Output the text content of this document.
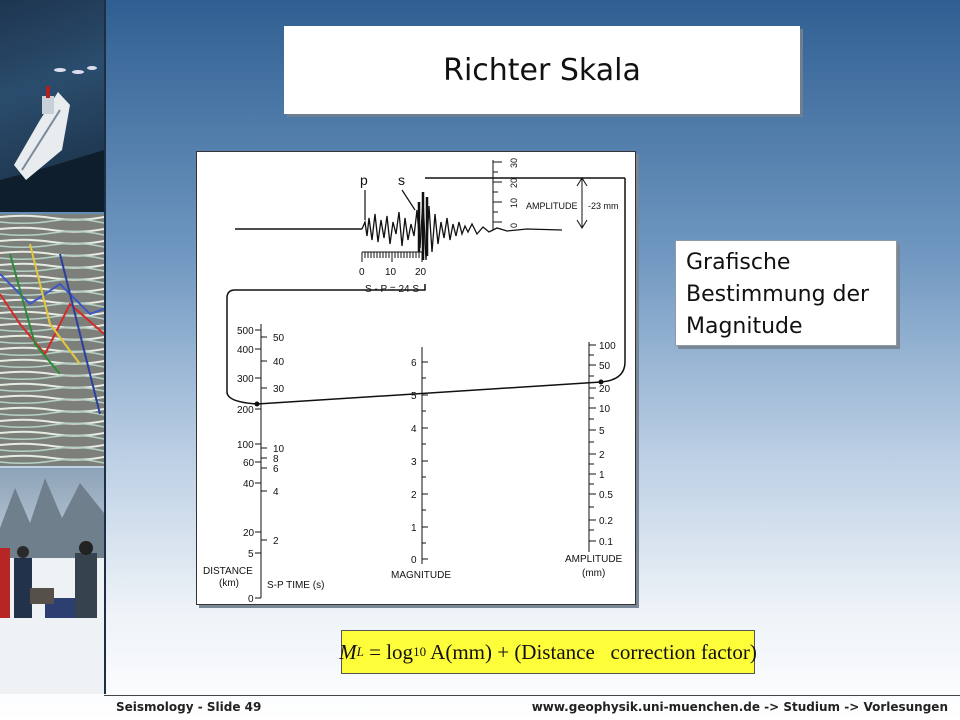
Richter Skala
p s
0 10 20
S - P = 24 S
30
20
10
0
AMPLITUDE -23 mm
500
400
300
200
100
60
40
20
5
0
50
40
30
10
8
6
4
2
DISTANCE
(km)	S-P TIME (s)
6
5
4
3
2
1
0
MAGNITUDE
100
50
20
10
5
2
1
0.5
0.2
0.1
AMPLITUDE
(mm)
Grafische
Bestimmung der
Magnitude
M L = log 10 A(mm) + (Distance   correction factor)
Seismology - Slide 49	www.geophysik.uni-muenchen.de -> Studium -> Vorlesungen
